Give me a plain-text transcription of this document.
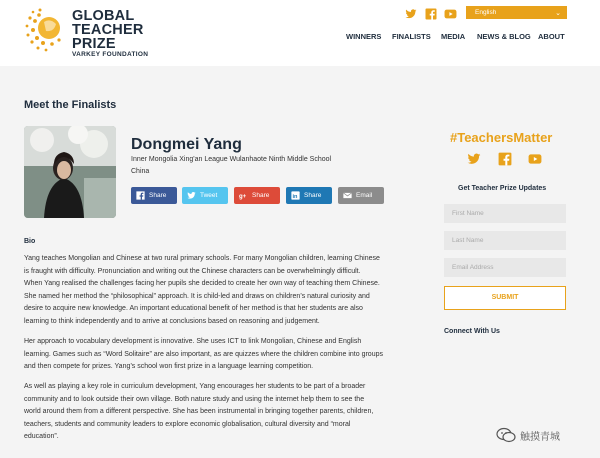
GLOBAL
TEACHER
PRIZE
VARKEY FOUNDATION
English	⌄
WINNERS FINALISTS MEDIA NEWS & BLOG ABOUT
Meet the Finalists
Dongmei Yang
Inner Mongolia Xing'an League Wulanhaote Ninth Middle School
China
Share	Tweet	g+ Share	in Share	Email
Bio
Yang teaches Mongolian and Chinese at two rural primary schools. For many Mongolian children, learning Chinese
is fraught with difficulty. Pronunciation and writing out the Chinese characters can be overwhelmingly difficult.
When Yang realised the challenges facing her pupils she decided to create her own way of teaching them Chinese.
She named her method the “philosophical” approach. It is child-led and draws on children’s natural curiosity and
desire to acquire new knowledge. An important educational benefit of her method is that her students are also
learning to think independently and to arrive at conclusions based on reasoning and judgement.
Her approach to vocabulary development is innovative. She uses ICT to link Mongolian, Chinese and English
learning. Games such as “Word Solitaire” are also important, as are quizzes where the children combine into groups
and then compete for prizes. Yang’s school won first prize in a language learning competition.
As well as playing a key role in curriculum development, Yang encourages her students to be part of a broader
community and to look outside their own village. Both nature study and using the internet help them to see the
world around them from a different perspective. She has been instrumental in bringing together parents, children,
teachers, students and community leaders to explore economic globalisation, cultural diversity and “moral
education”.
#TeachersMatter
Get Teacher Prize Updates
First Name
Last Name
Email Address
SUBMIT
Connect With Us
触摸青城
